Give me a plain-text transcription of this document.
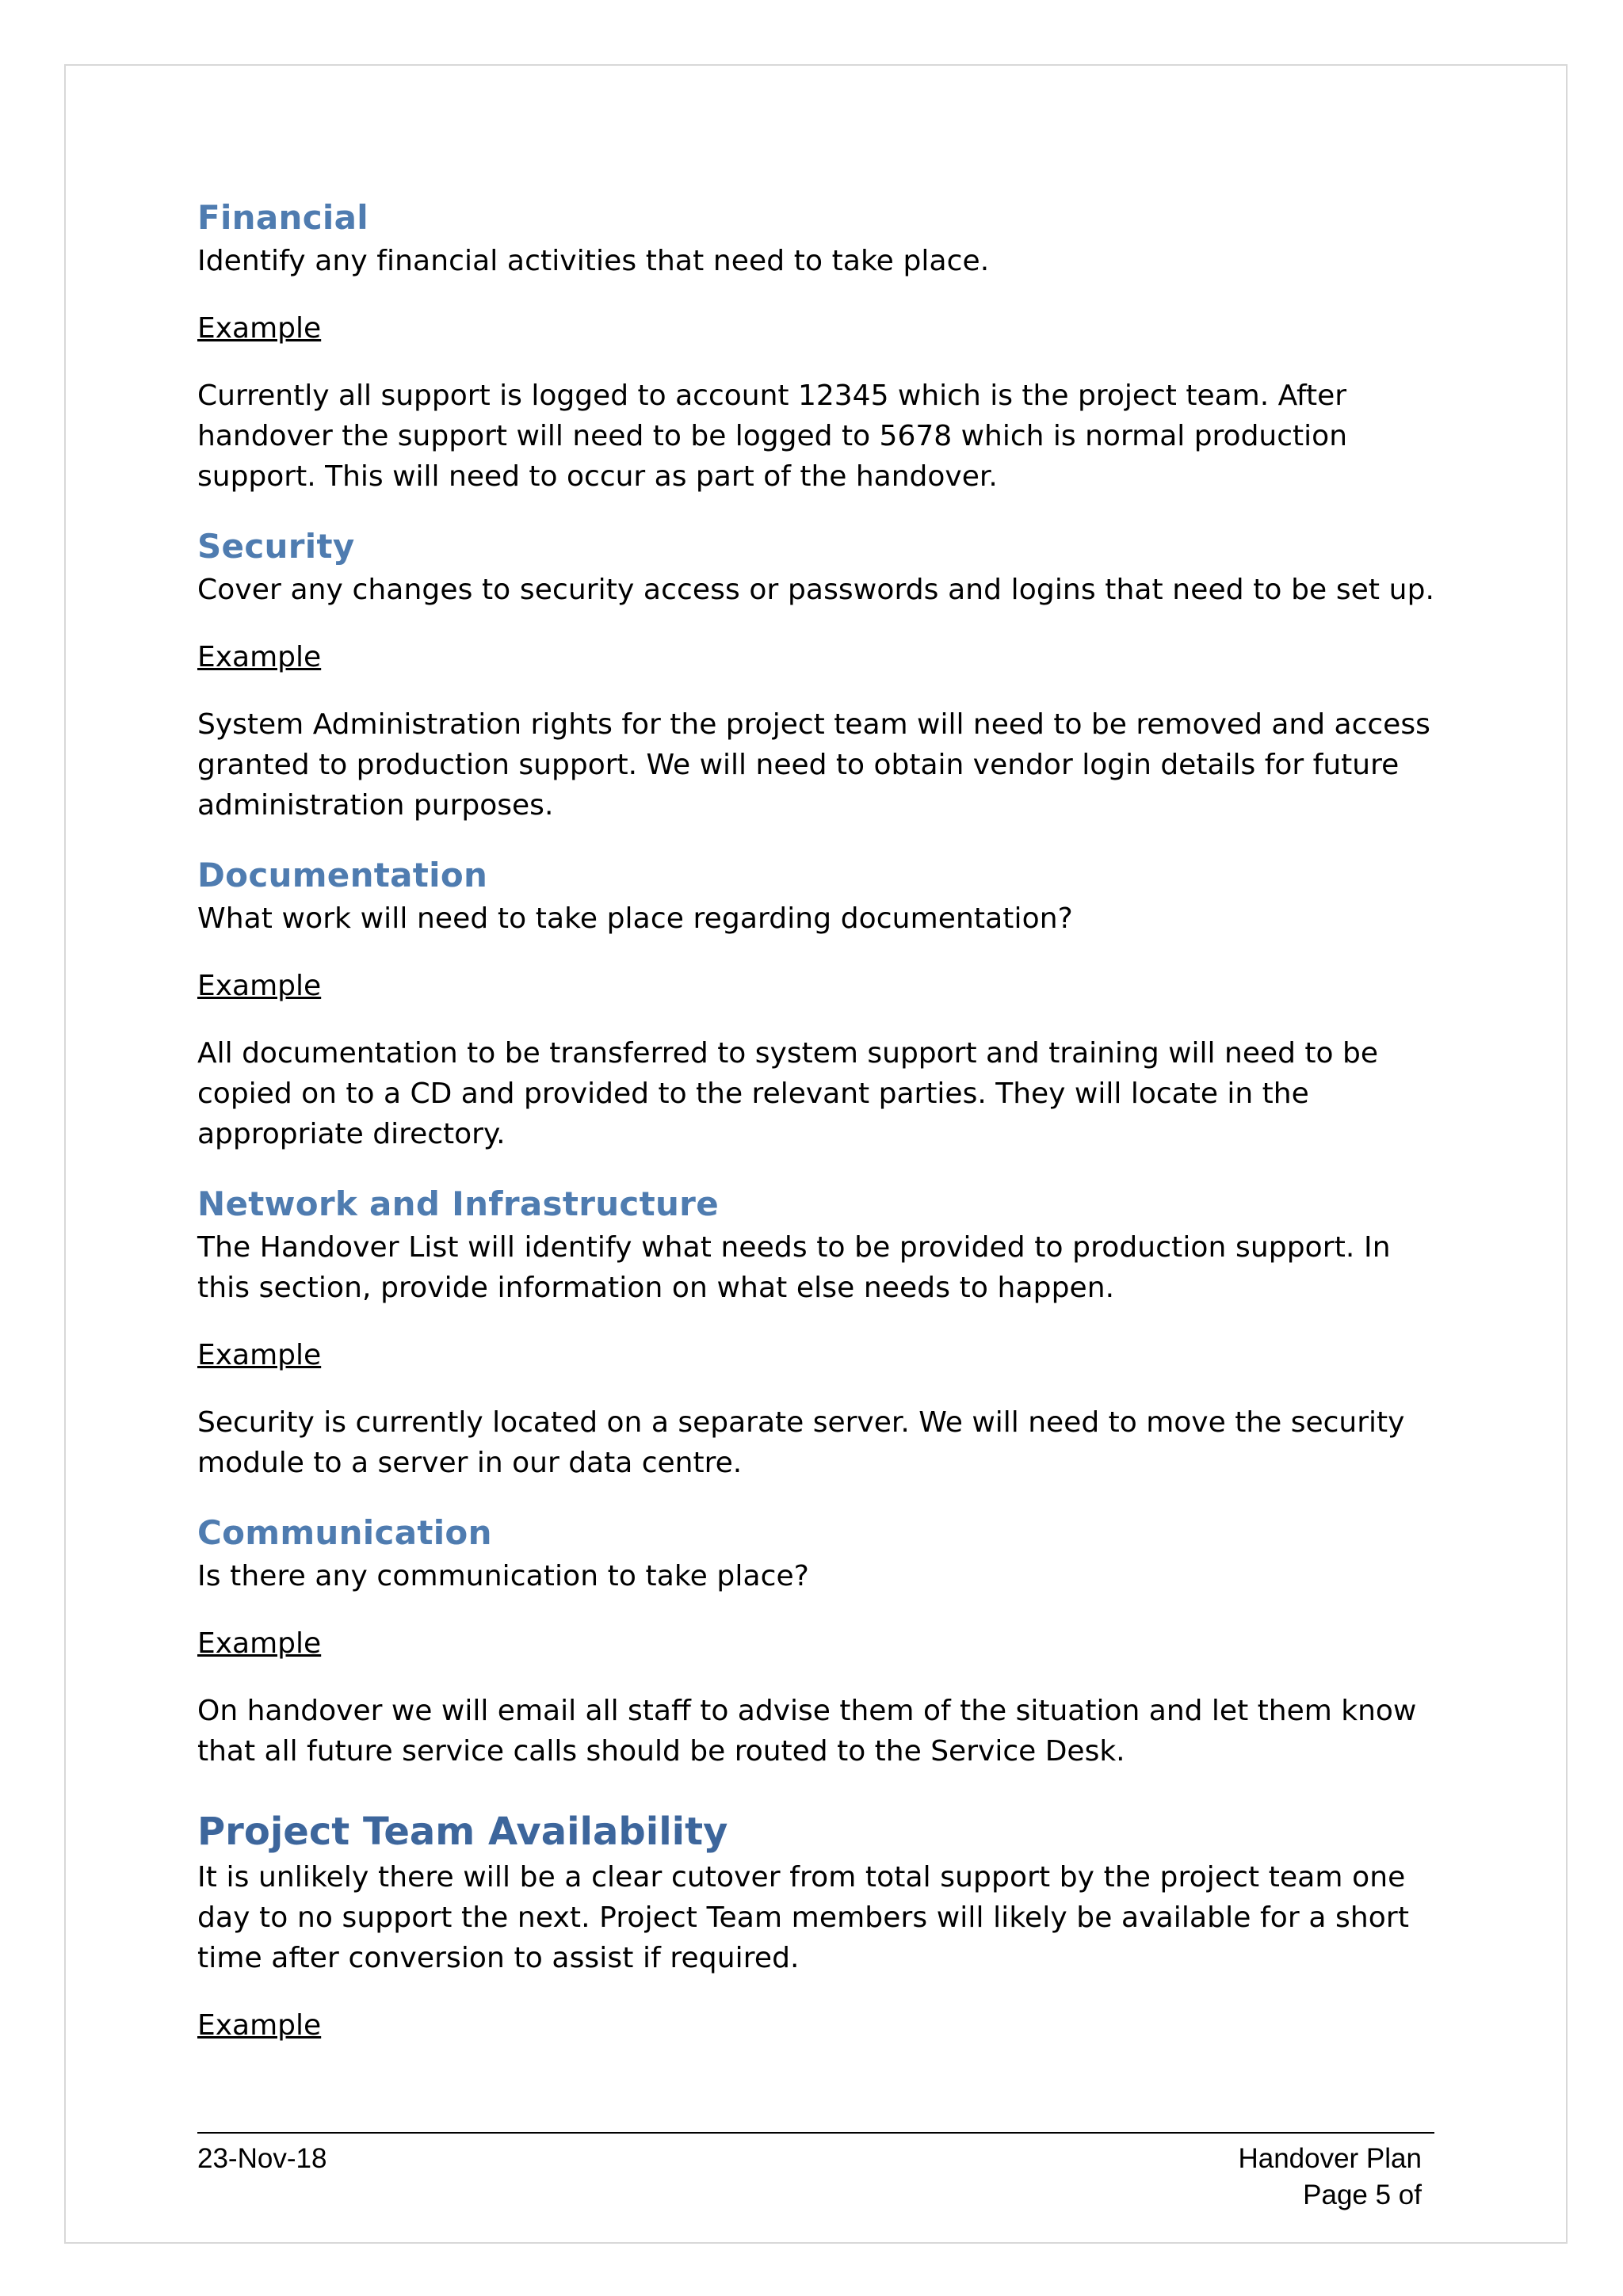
Financial

Identify any financial activities that need to take place.

Example

Currently all support is logged to account 12345 which is the project team. After handover the support will need to be logged to 5678 which is normal production support. This will need to occur as part of the handover.

Security

Cover any changes to security access or passwords and logins that need to be set up.

Example

System Administration rights for the project team will need to be removed and access granted to production support. We will need to obtain vendor login details for future administration purposes.

Documentation

What work will need to take place regarding documentation?

Example

All documentation to be transferred to system support and training will need to be copied on to a CD and provided to the relevant parties. They will locate in the appropriate directory.

Network and Infrastructure

The Handover List will identify what needs to be provided to production support. In this section, provide information on what else needs to happen.

Example

Security is currently located on a separate server. We will need to move the security module to a server in our data centre.

Communication

Is there any communication to take place?

Example

On handover we will email all staff to advise them of the situation and let them know that all future service calls should be routed to the Service Desk.

Project Team Availability

It is unlikely there will be a clear cutover from total support by the project team one day to no support the next. Project Team members will likely be available for a short time after conversion to assist if required.

Example

23-Nov-18	Handover Plan
Page 5 of
